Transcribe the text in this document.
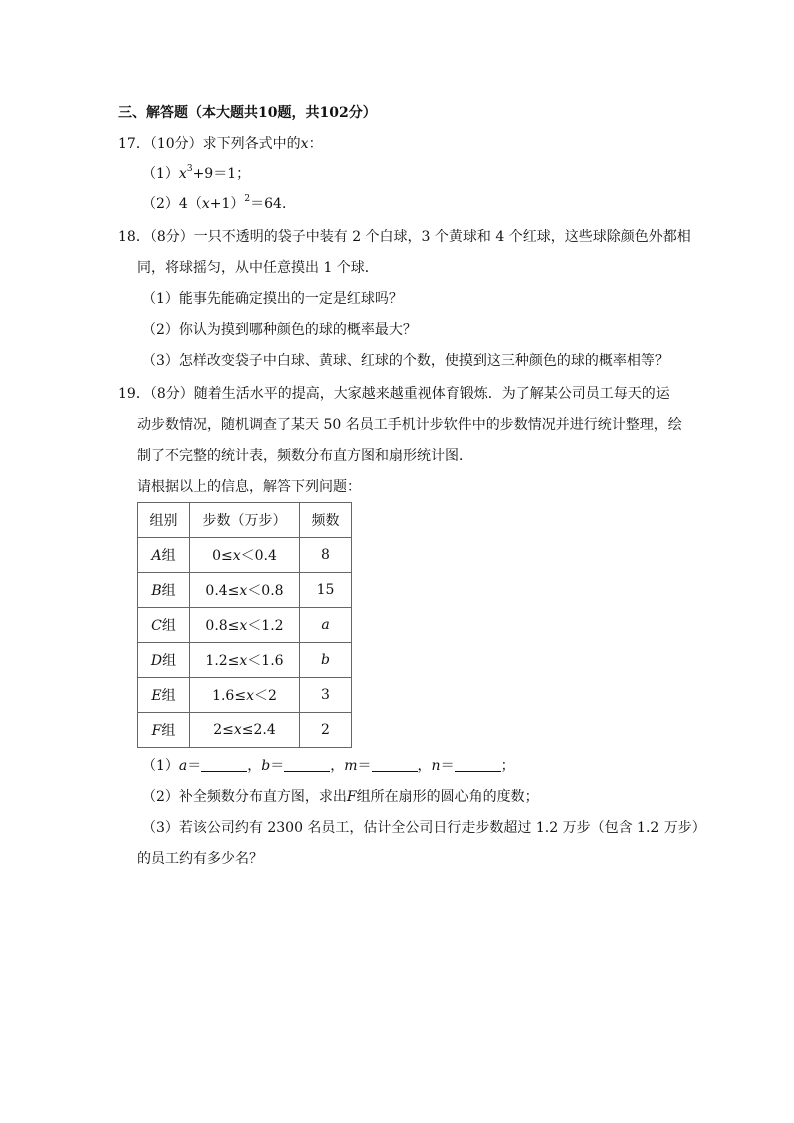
三、解答题（本大题共10题，共102分）
17．（10分）求下列各式中的x：
$(1)x^3+9=1$；
$(2)4(x+1)^2=64$．
18．（8分）一只不透明的袋子中装有 2 个白球，3 个黄球和 4 个红球，这些球除颜色外都相
同，将球摇匀，从中任意摸出 1 个球．
（1）能事先能确定摸出的一定是红球吗？
（2）你认为摸到哪种颜色的球的概率最大？
（3）怎样改变袋子中白球、黄球、红球的个数，使摸到这三种颜色的球的概率相等？
19．（8分）随着生活水平的提高，大家越来越重视体育锻炼．为了解某公司员工每天的运
动步数情况，随机调查了某天 50 名员工手机计步软件中的步数情况并进行统计整理，绘
制了不完整的统计表，频数分布直方图和扇形统计图．
请根据以上的信息，解答下列问题：
组别	步数（万步）	频数
A组	0≤x＜0.4	8
B组	0.4≤x＜0.8	15
C组	0.8≤x＜1.2	a
D组	1.2≤x＜1.6	b
E组	1.6≤x＜2	3
F组	2≤x≤2.4	2
（1）a＝	，b＝	，m＝	，n＝	；
（2）补全频数分布直方图，求出F组所在扇形的圆心角的度数；
（3）若该公司约有 2300 名员工，估计全公司日行走步数超过 1.2 万步（包含 1.2 万步）
的员工约有多少名？
